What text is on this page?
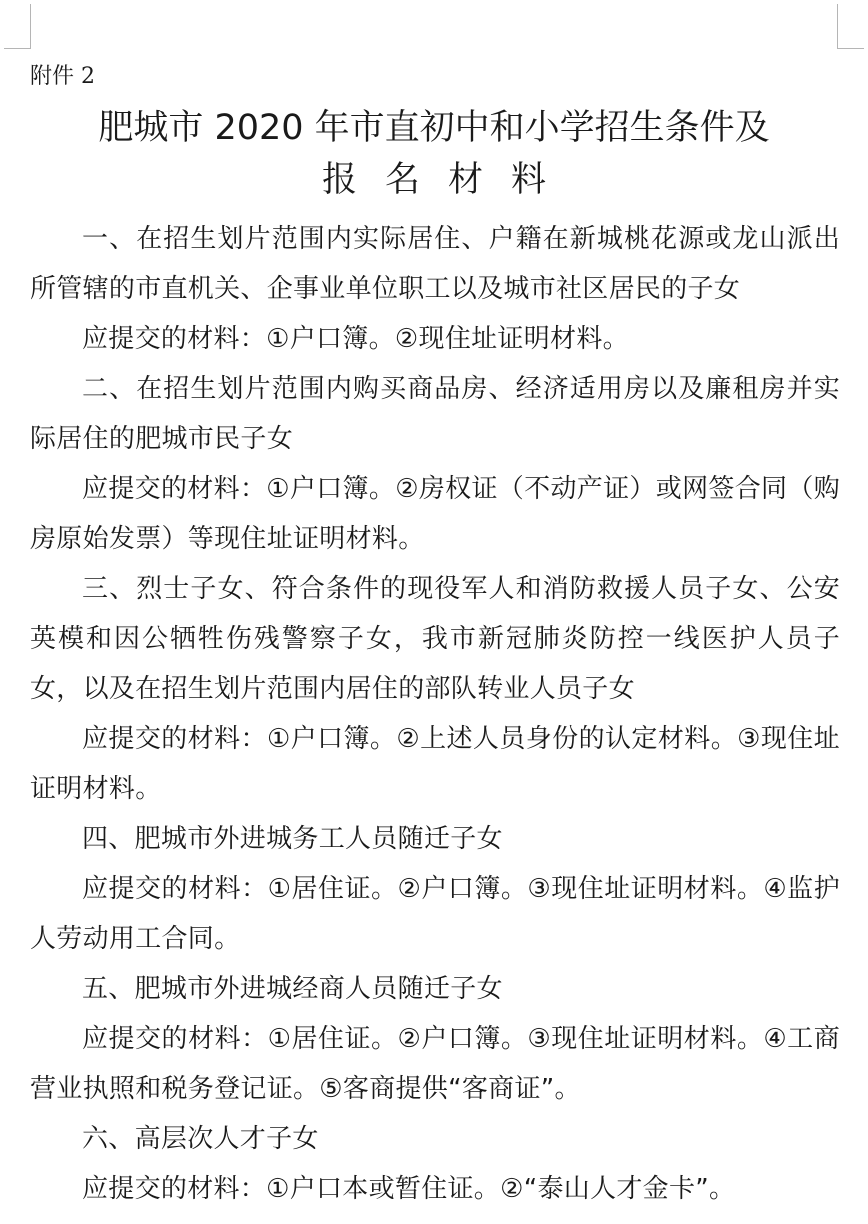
附件 2
肥城市 2020 年市直初中和小学招生条件及
报名材料

一、在招生划片范围内实际居住、户籍在新城桃花源或龙山派出所管辖的市直机关、企事业单位职工以及城市社区居民的子女

应提交的材料：①户口簿。②现住址证明材料。

二、在招生划片范围内购买商品房、经济适用房以及廉租房并实际居住的肥城市民子女

应提交的材料：①户口簿。②房权证（不动产证）或网签合同（购房原始发票）等现住址证明材料。

三、烈士子女、符合条件的现役军人和消防救援人员子女、公安英模和因公牺牲伤残警察子女，我市新冠肺炎防控一线医护人员子女，以及在招生划片范围内居住的部队转业人员子女

应提交的材料：①户口簿。②上述人员身份的认定材料。③现住址证明材料。

四、肥城市外进城务工人员随迁子女

应提交的材料：①居住证。②户口簿。③现住址证明材料。④监护人劳动用工合同。

五、肥城市外进城经商人员随迁子女

应提交的材料：①居住证。②户口簿。③现住址证明材料。④工商营业执照和税务登记证。⑤客商提供“客商证”。

六、高层次人才子女

应提交的材料：①户口本或暂住证。②“泰山人才金卡”。
